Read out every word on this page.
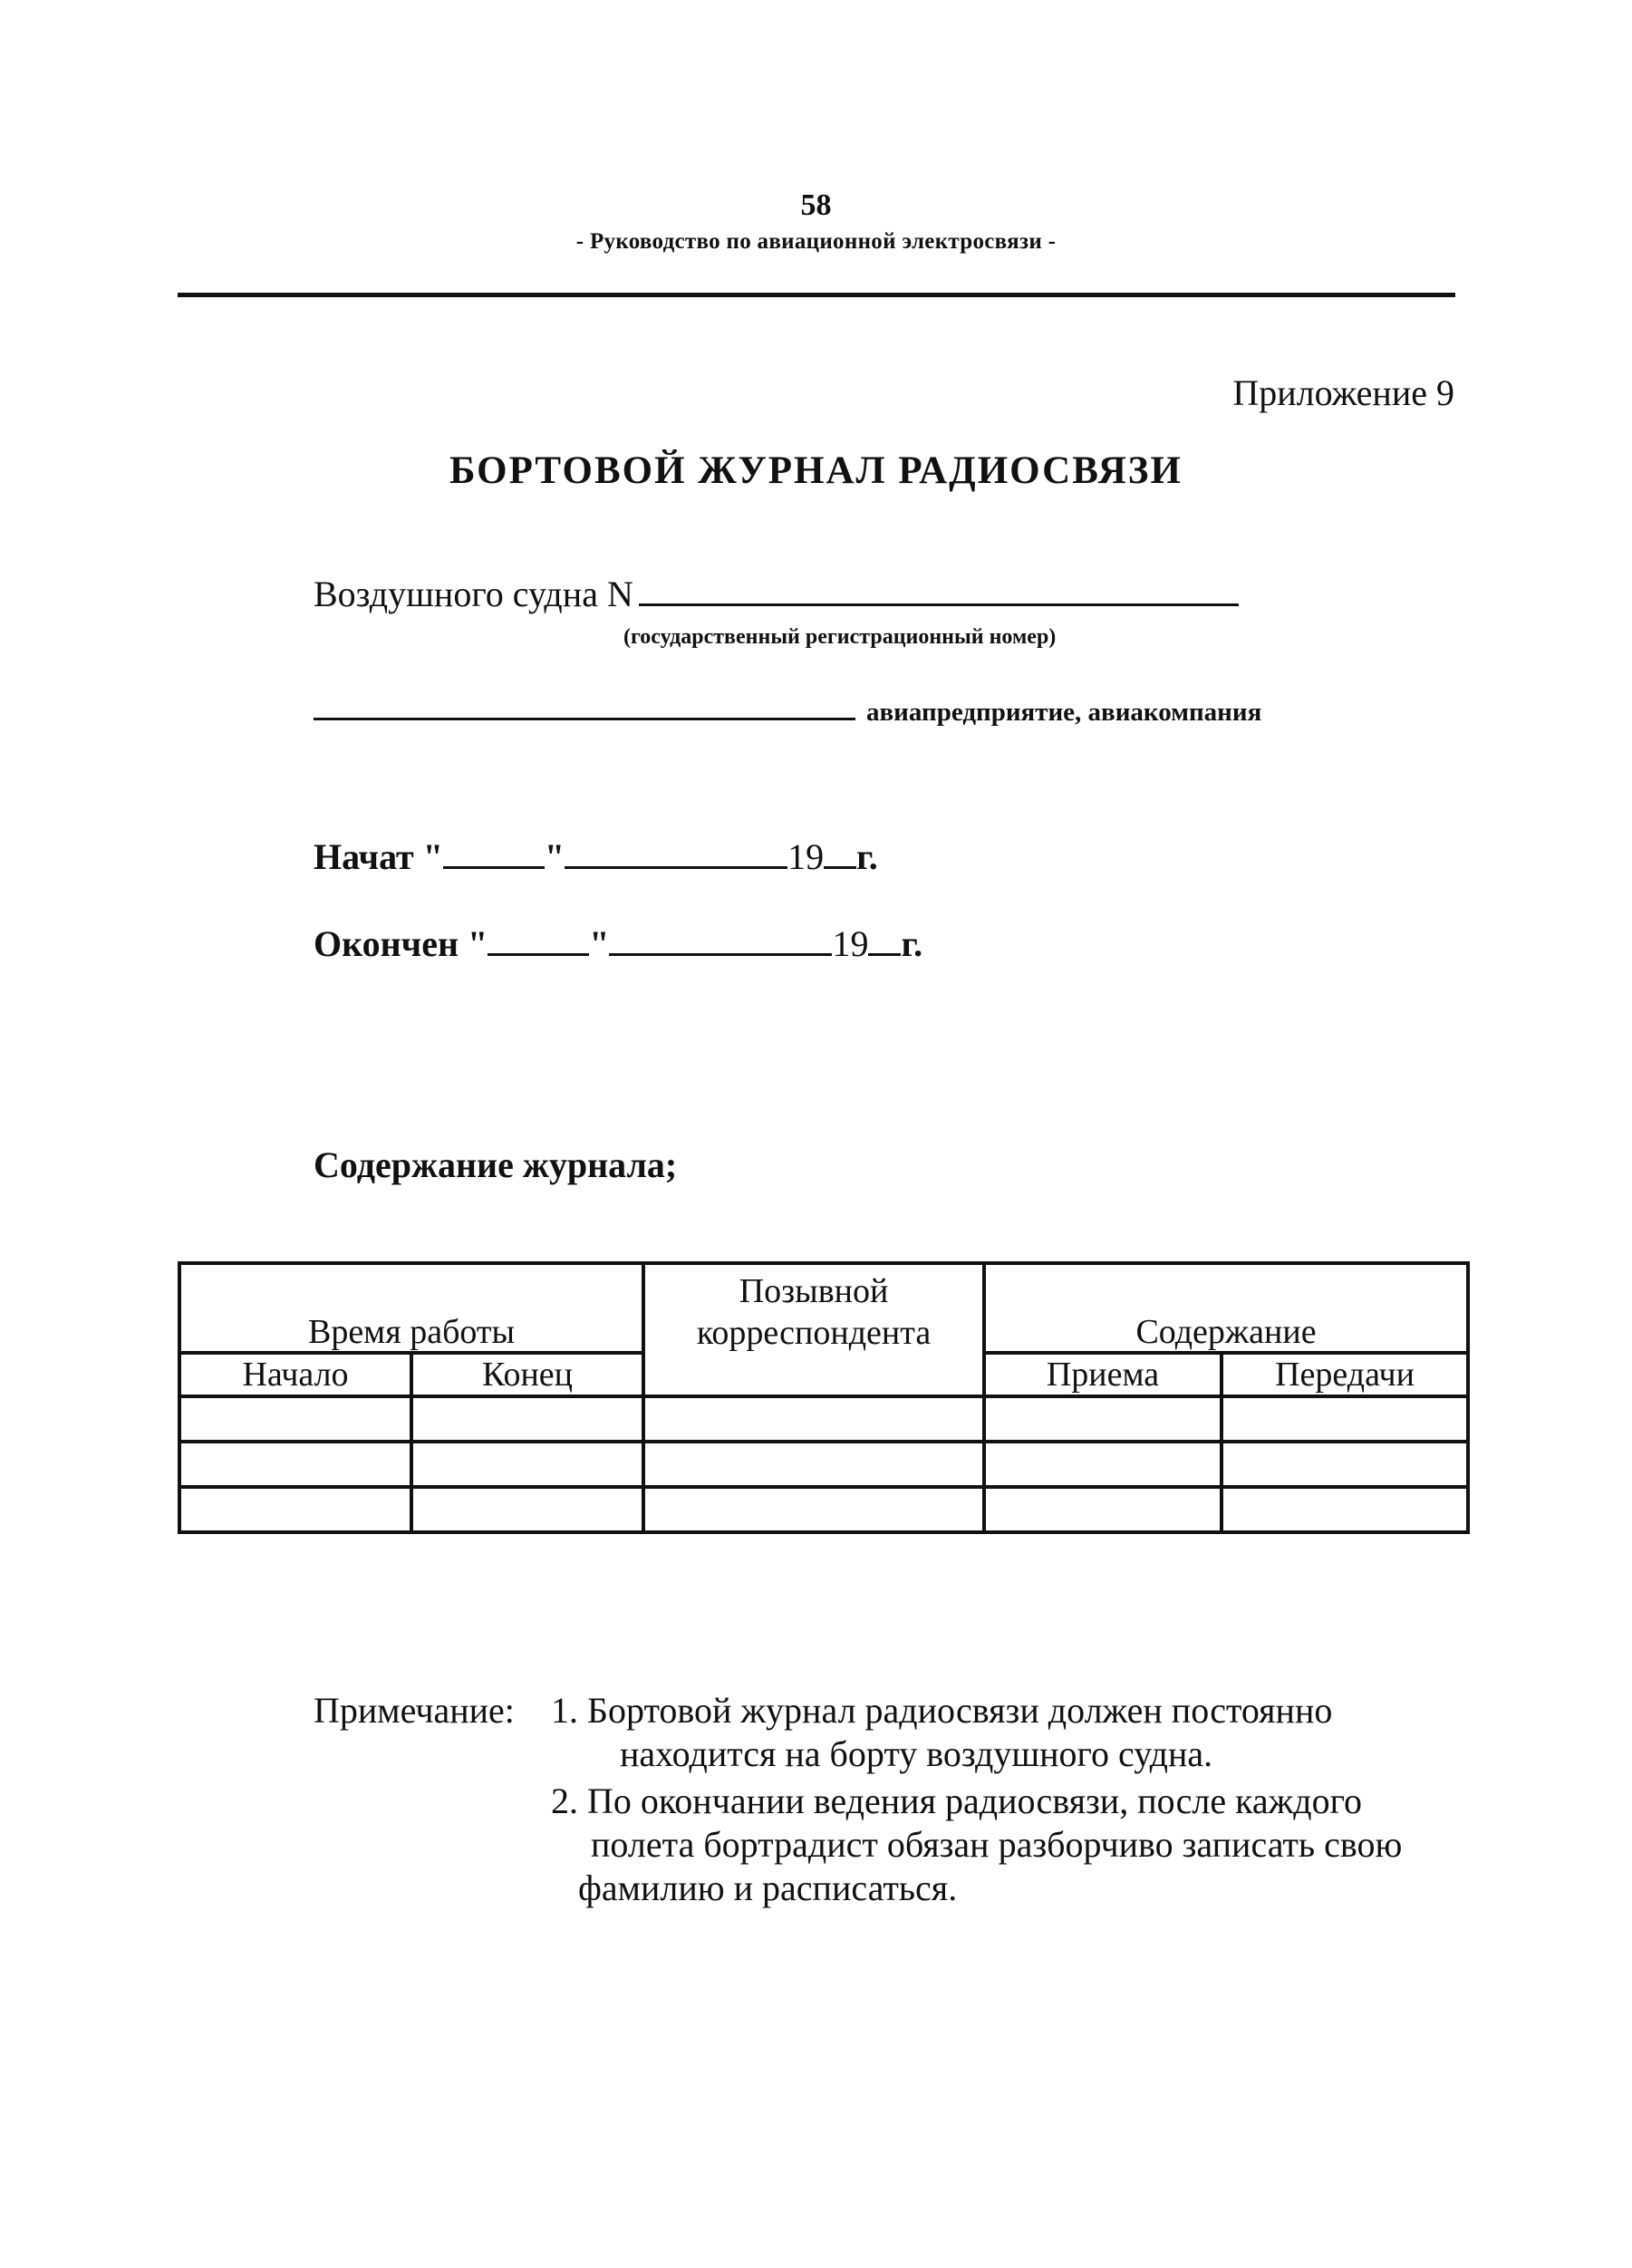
58
- Руководство по авиационной электросвязи -
Приложение 9
БОРТОВОЙ ЖУРНАЛ РАДИОСВЯЗИ
Воздушного судна N
(государственный регистрационный номер)
авиапредприятие, авиакомпания
Начат "	"	19 г.
Окончен "	"	19 г.
Содержание журнала;
Время работы		Позывной корреспондента	Содержание	
Начало	Конец		Приема	Передачи

Примечание: 1. Бортовой журнал радиосвязи должен постоянно
находится на борту воздушного судна.
2. По окончании ведения радиосвязи, после каждого
полета бортрадист обязан разборчиво записать свою
фамилию и расписаться.
